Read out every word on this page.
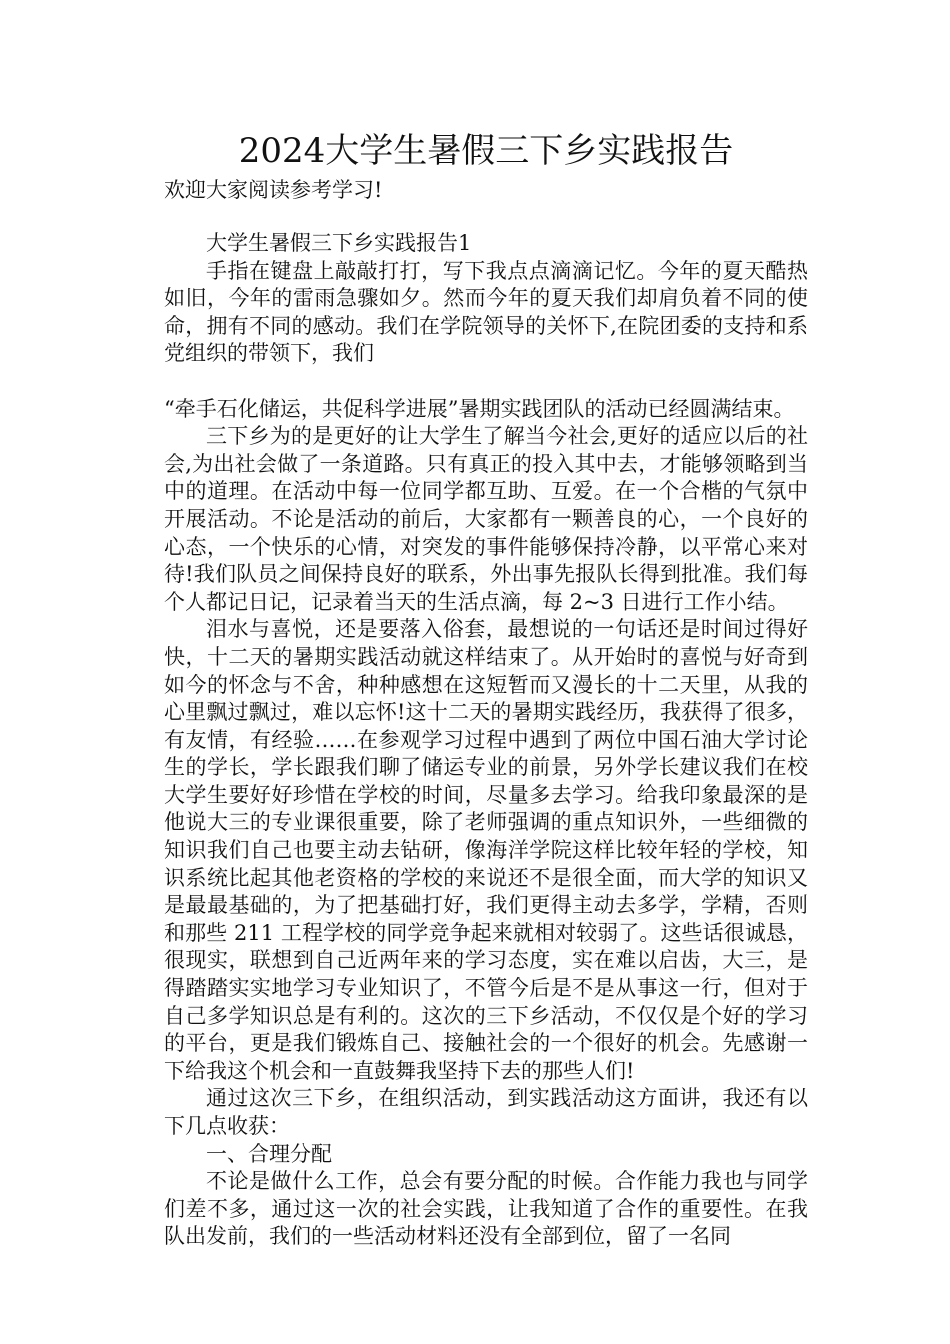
2024大学生暑假三下乡实践报告

欢迎大家阅读参考学习!

大学生暑假三下乡实践报告1

手指在键盘上敲敲打打，写下我点点滴滴记忆。今年的夏天酷热如旧，今年的雷雨急骤如夕。然而今年的夏天我们却肩负着不同的使命，拥有不同的感动。我们在学院领导的关怀下,在院团委的支持和系党组织的带领下，我们

“牵手石化储运，共促科学进展”暑期实践团队的活动已经圆满结束。

三下乡为的是更好的让大学生了解当今社会,更好的适应以后的社会,为出社会做了一条道路。只有真正的投入其中去，才能够领略到当中的道理。在活动中每一位同学都互助、互爱。在一个合楷的气氛中开展活动。不论是活动的前后，大家都有一颗善良的心，一个良好的心态，一个快乐的心情，对突发的事件能够保持冷静，以平常心来对待!我们队员之间保持良好的联系，外出事先报队长得到批准。我们每个人都记日记，记录着当天的生活点滴，每 2~3 日进行工作小结。

泪水与喜悦，还是要落入俗套，最想说的一句话还是时间过得好快，十二天的暑期实践活动就这样结束了。从开始时的喜悦与好奇到如今的怀念与不舍，种种感想在这短暂而又漫长的十二天里，从我的心里飘过飘过，难以忘怀!这十二天的暑期实践经历，我获得了很多，有友情，有经验……在参观学习过程中遇到了两位中国石油大学讨论生的学长，学长跟我们聊了储运专业的前景，另外学长建议我们在校大学生要好好珍惜在学校的时间，尽量多去学习。给我印象最深的是他说大三的专业课很重要，除了老师强调的重点知识外，一些细微的知识我们自己也要主动去钻研，像海洋学院这样比较年轻的学校，知识系统比起其他老资格的学校的来说还不是很全面，而大学的知识又是最最基础的，为了把基础打好，我们更得主动去多学，学精，否则和那些 211 工程学校的同学竞争起来就相对较弱了。这些话很诚恳，很现实，联想到自己近两年来的学习态度，实在难以启齿，大三，是得踏踏实实地学习专业知识了，不管今后是不是从事这一行，但对于自己多学知识总是有利的。这次的三下乡活动，不仅仅是个好的学习的平台，更是我们锻炼自己、接触社会的一个很好的机会。先感谢一下给我这个机会和一直鼓舞我坚持下去的那些人们!

通过这次三下乡，在组织活动，到实践活动这方面讲，我还有以下几点收获：

一、合理分配

不论是做什么工作，总会有要分配的时候。合作能力我也与同学们差不多，通过这一次的社会实践，让我知道了合作的重要性。在我队出发前，我们的一些活动材料还没有全部到位，留了一名同
